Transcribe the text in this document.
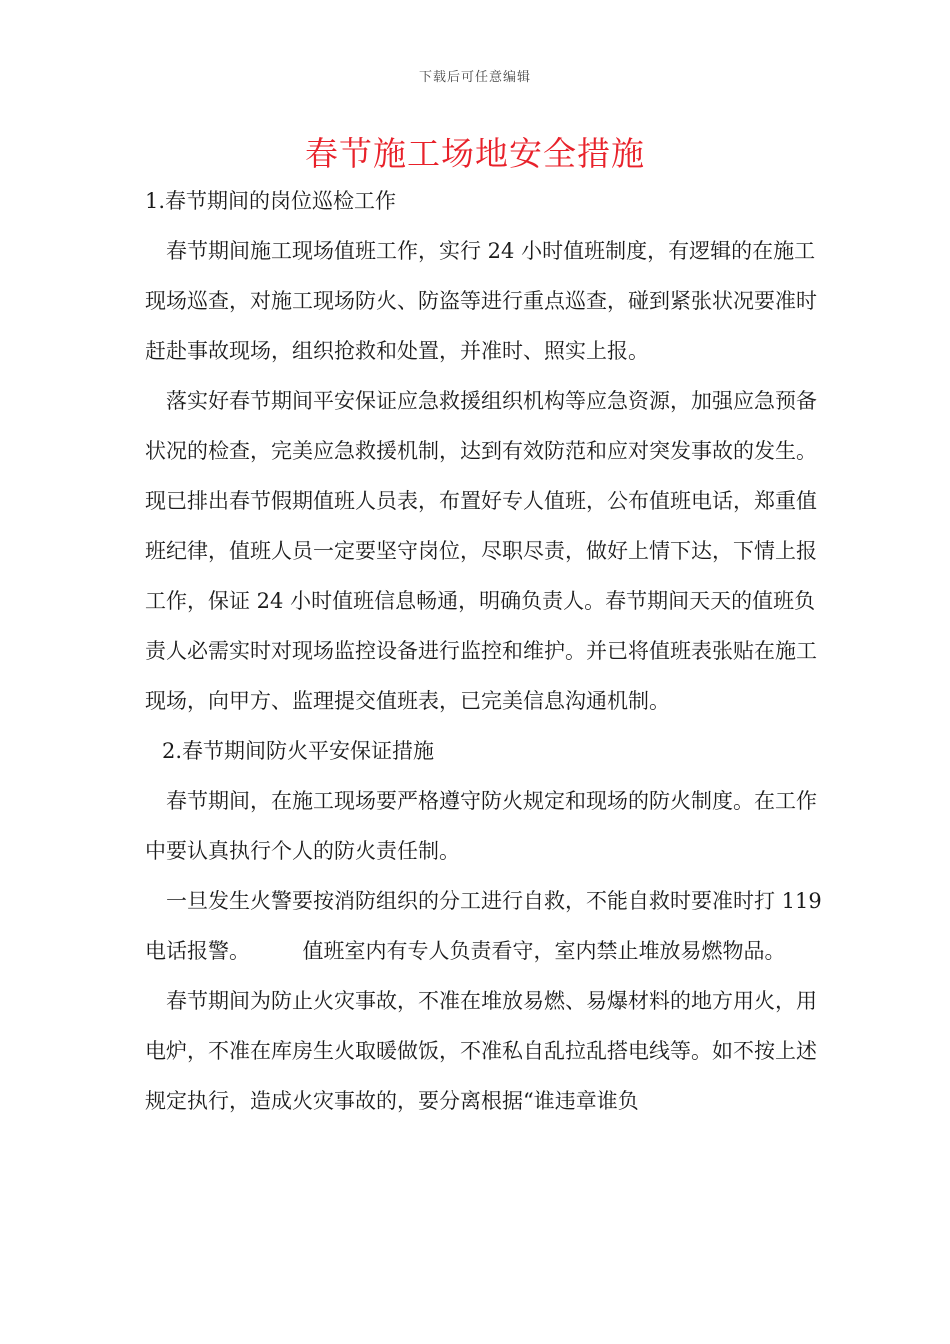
下载后可任意编辑
春节施工场地安全措施

1.春节期间的岗位巡检工作

春节期间施工现场值班工作，实行 24 小时值班制度，有逻辑的在施工现场巡查，对施工现场防火、防盗等进行重点巡查，碰到紧张状况要准时赶赴事故现场，组织抢救和处置，并准时、照实上报。

落实好春节期间平安保证应急救援组织机构等应急资源，加强应急预备状况的检查，完美应急救援机制，达到有效防范和应对突发事故的发生。现已排出春节假期值班人员表，布置好专人值班，公布值班电话，郑重值班纪律，值班人员一定要坚守岗位，尽职尽责，做好上情下达，下情上报工作，保证 24 小时值班信息畅通，明确负责人。春节期间天天的值班负责人必需实时对现场监控设备进行监控和维护。并已将值班表张贴在施工现场，向甲方、监理提交值班表，已完美信息沟通机制。

2.春节期间防火平安保证措施

春节期间，在施工现场要严格遵守防火规定和现场的防火制度。在工作中要认真执行个人的防火责任制。

一旦发生火警要按消防组织的分工进行自救，不能自救时要准时打 119 电话报警。　　　值班室内有专人负责看守，室内禁止堆放易燃物品。

春节期间为防止火灾事故，不准在堆放易燃、易爆材料的地方用火，用电炉，不准在库房生火取暖做饭，不准私自乱拉乱搭电线等。如不按上述规定执行，造成火灾事故的，要分离根据“谁违章谁负
